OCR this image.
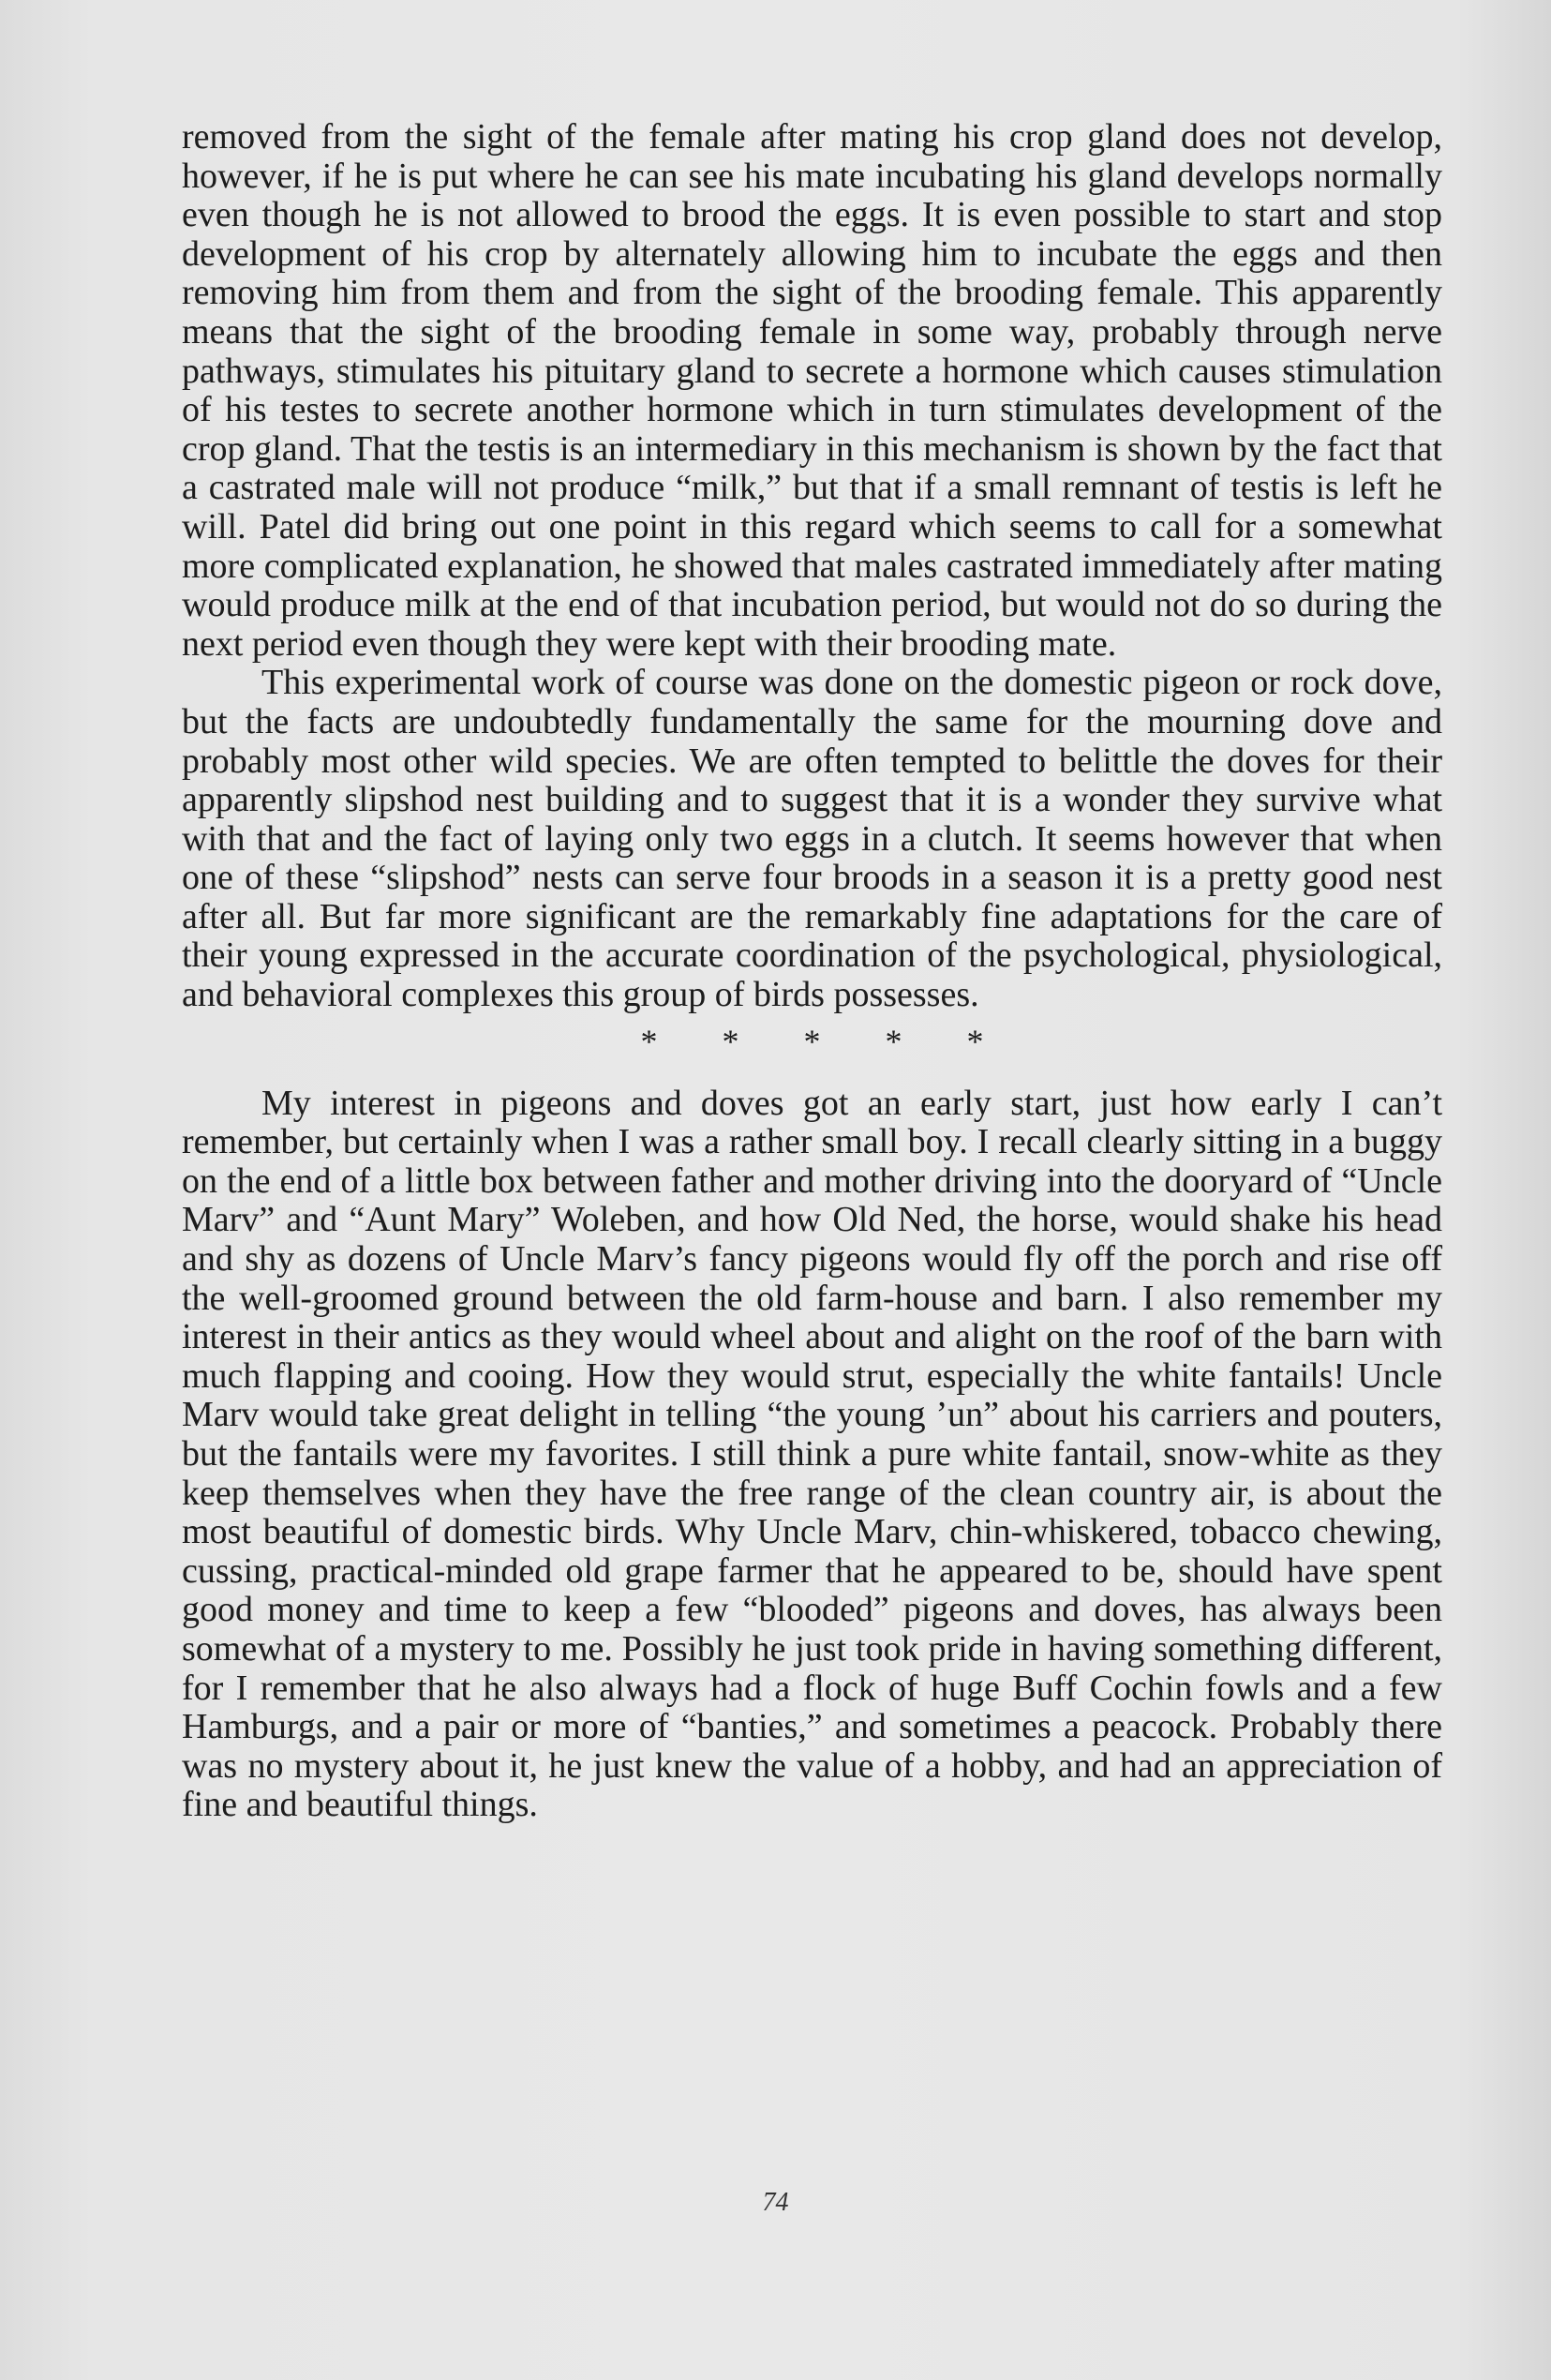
removed from the sight of the female after mating his crop gland does not develop, however, if he is put where he can see his mate incubating his gland develops normally even though he is not allowed to brood the eggs. It is even possible to start and stop development of his crop by alternately allowing him to incubate the eggs and then removing him from them and from the sight of the brooding female. This apparently means that the sight of the brooding female in some way, probably through nerve pathways, stimulates his pituitary gland to secrete a hormone which causes stimulation of his testes to secrete another hormone which in turn stimulates development of the crop gland. That the testis is an intermediary in this mechanism is shown by the fact that a castrated male will not produce “milk,” but that if a small remnant of testis is left he will. Patel did bring out one point in this regard which seems to call for a somewhat more complicated explanation, he showed that males castrated immediately after mating would produce milk at the end of that incubation period, but would not do so during the next period even though they were kept with their brooding mate.

This experimental work of course was done on the domestic pigeon or rock dove, but the facts are undoubtedly fundamentally the same for the mourning dove and probably most other wild species. We are often tempted to belittle the doves for their apparently slipshod nest building and to suggest that it is a wonder they survive what with that and the fact of laying only two eggs in a clutch. It seems however that when one of these “slipshod” nests can serve four broods in a season it is a pretty good nest after all. But far more significant are the remarkably fine adaptations for the care of their young expressed in the accurate coordination of the psychological, physiological, and behavioral complexes this group of birds possesses.

* * * * *

My interest in pigeons and doves got an early start, just how early I can’t remember, but certainly when I was a rather small boy. I recall clearly sitting in a buggy on the end of a little box between father and mother driving into the dooryard of “Uncle Marv” and “Aunt Mary” Woleben, and how Old Ned, the horse, would shake his head and shy as dozens of Uncle Marv’s fancy pigeons would fly off the porch and rise off the well-groomed ground between the old farm-house and barn. I also remember my interest in their antics as they would wheel about and alight on the roof of the barn with much flapping and cooing. How they would strut, especially the white fantails! Uncle Marv would take great delight in telling “the young ’un” about his carriers and pouters, but the fantails were my favorites. I still think a pure white fantail, snow-white as they keep themselves when they have the free range of the clean country air, is about the most beautiful of domestic birds. Why Uncle Marv, chin-whiskered, tobacco chewing, cussing, practical-minded old grape farmer that he appeared to be, should have spent good money and time to keep a few “blooded” pigeons and doves, has always been somewhat of a mystery to me. Possibly he just took pride in having something different, for I remember that he also always had a flock of huge Buff Cochin fowls and a few Hamburgs, and a pair or more of “banties,” and sometimes a peacock. Probably there was no mystery about it, he just knew the value of a hobby, and had an appreciation of fine and beautiful things.

74
